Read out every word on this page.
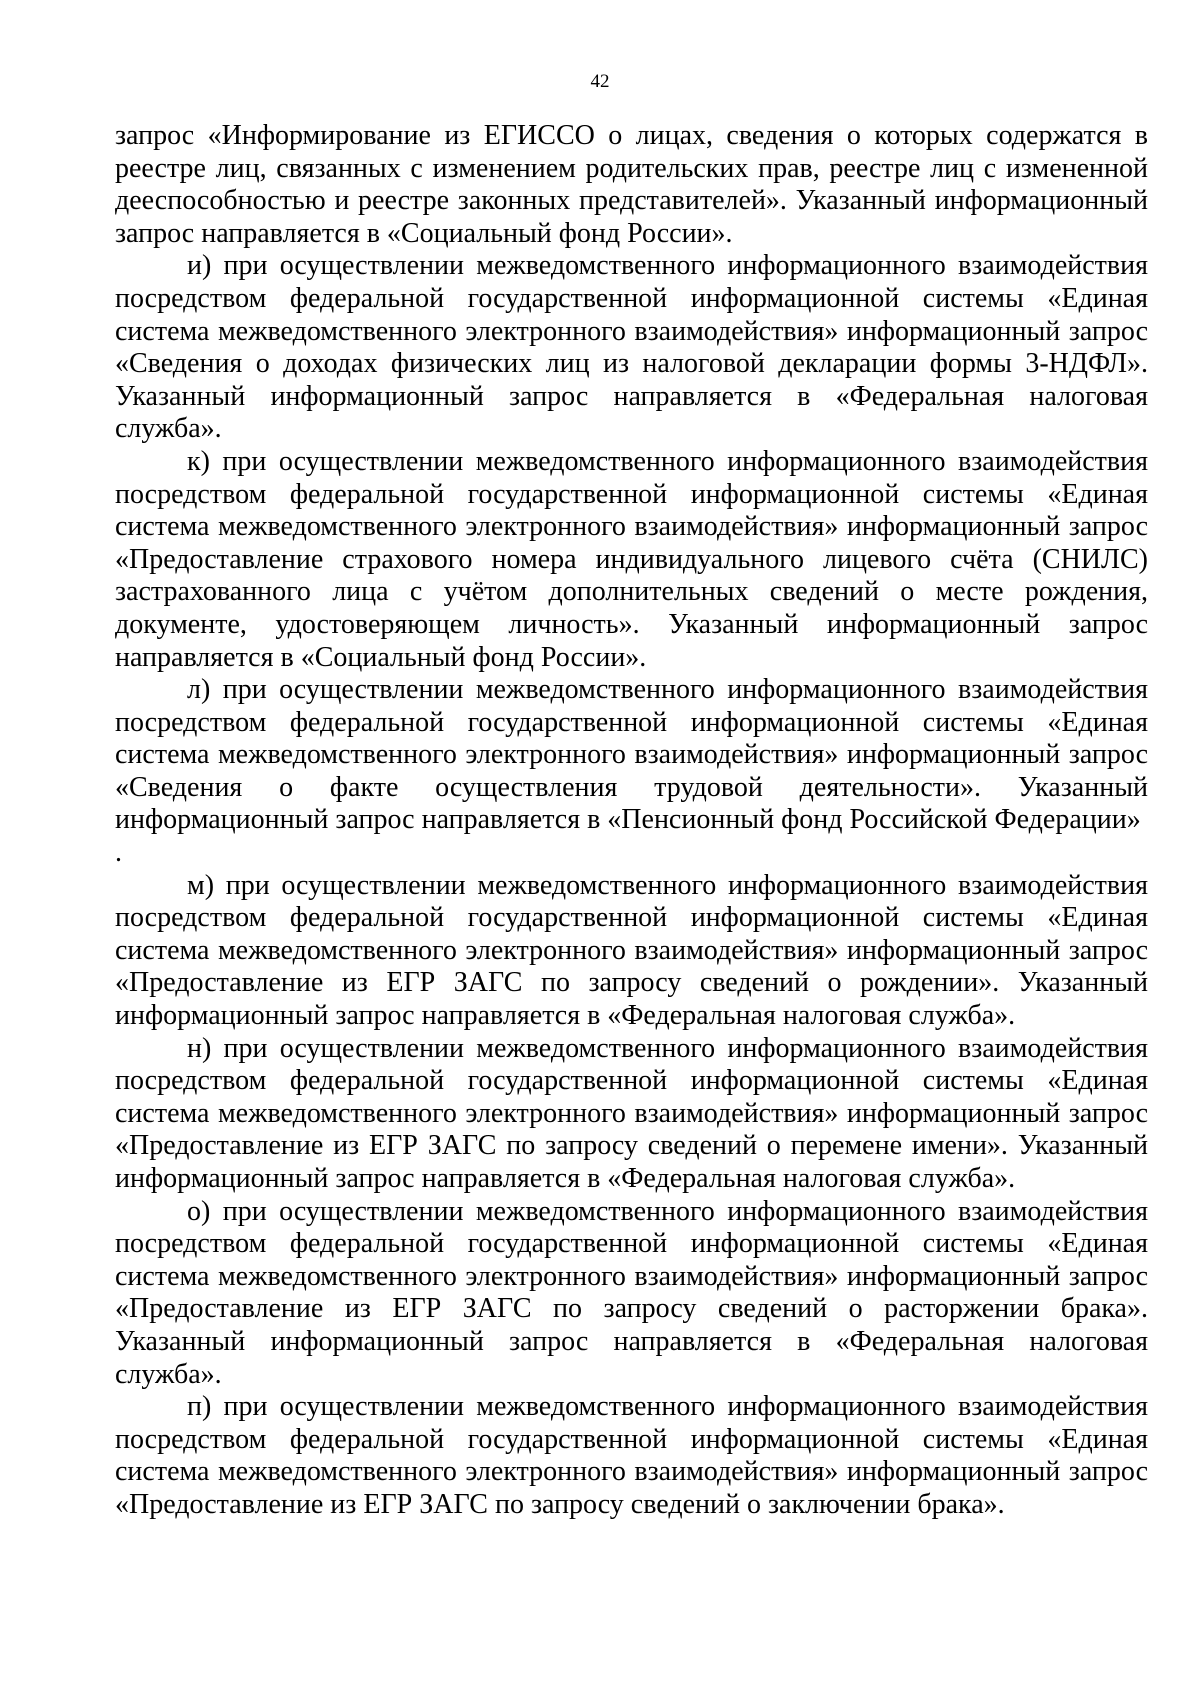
42

запрос «Информирование из ЕГИССО о лицах, сведения о которых содержатся в реестре лиц, связанных с изменением родительских прав, реестре лиц с измененной дееспособностью и реестре законных представителей». Указанный информационный запрос направляется в «Социальный фонд России».

и) при осуществлении межведомственного информационного взаимодействия посредством федеральной государственной информационной системы «Единая система межведомственного электронного взаимодействия» информационный запрос «Сведения о доходах физических лиц из налоговой декларации формы 3-НДФЛ». Указанный информационный запрос направляется в «Федеральная налоговая служба».

к) при осуществлении межведомственного информационного взаимодействия посредством федеральной государственной информационной системы «Единая система межведомственного электронного взаимодействия» информационный запрос «Предоставление страхового номера индивидуального лицевого счёта (СНИЛС) застрахованного лица с учётом дополнительных сведений о месте рождения, документе, удостоверяющем личность». Указанный информационный запрос направляется в «Социальный фонд России».

л) при осуществлении межведомственного информационного взаимодействия посредством федеральной государственной информационной системы «Единая система межведомственного электронного взаимодействия» информационный запрос «Сведения о факте осуществления трудовой деятельности». Указанный информационный запрос направляется в «Пенсионный фонд Российской Федерации»

.

м) при осуществлении межведомственного информационного взаимодействия посредством федеральной государственной информационной системы «Единая система межведомственного электронного взаимодействия» информационный запрос «Предоставление из ЕГР ЗАГС по запросу сведений о рождении». Указанный информационный запрос направляется в «Федеральная налоговая служба».

н) при осуществлении межведомственного информационного взаимодействия посредством федеральной государственной информационной системы «Единая система межведомственного электронного взаимодействия» информационный запрос «Предоставление из ЕГР ЗАГС по запросу сведений о перемене имени». Указанный информационный запрос направляется в «Федеральная налоговая служба».

о) при осуществлении межведомственного информационного взаимодействия посредством федеральной государственной информационной системы «Единая система межведомственного электронного взаимодействия» информационный запрос «Предоставление из ЕГР ЗАГС по запросу сведений о расторжении брака». Указанный информационный запрос направляется в «Федеральная налоговая служба».

п) при осуществлении межведомственного информационного взаимодействия посредством федеральной государственной информационной системы «Единая система межведомственного электронного взаимодействия» информационный запрос «Предоставление из ЕГР ЗАГС по запросу сведений о заключении брака».
